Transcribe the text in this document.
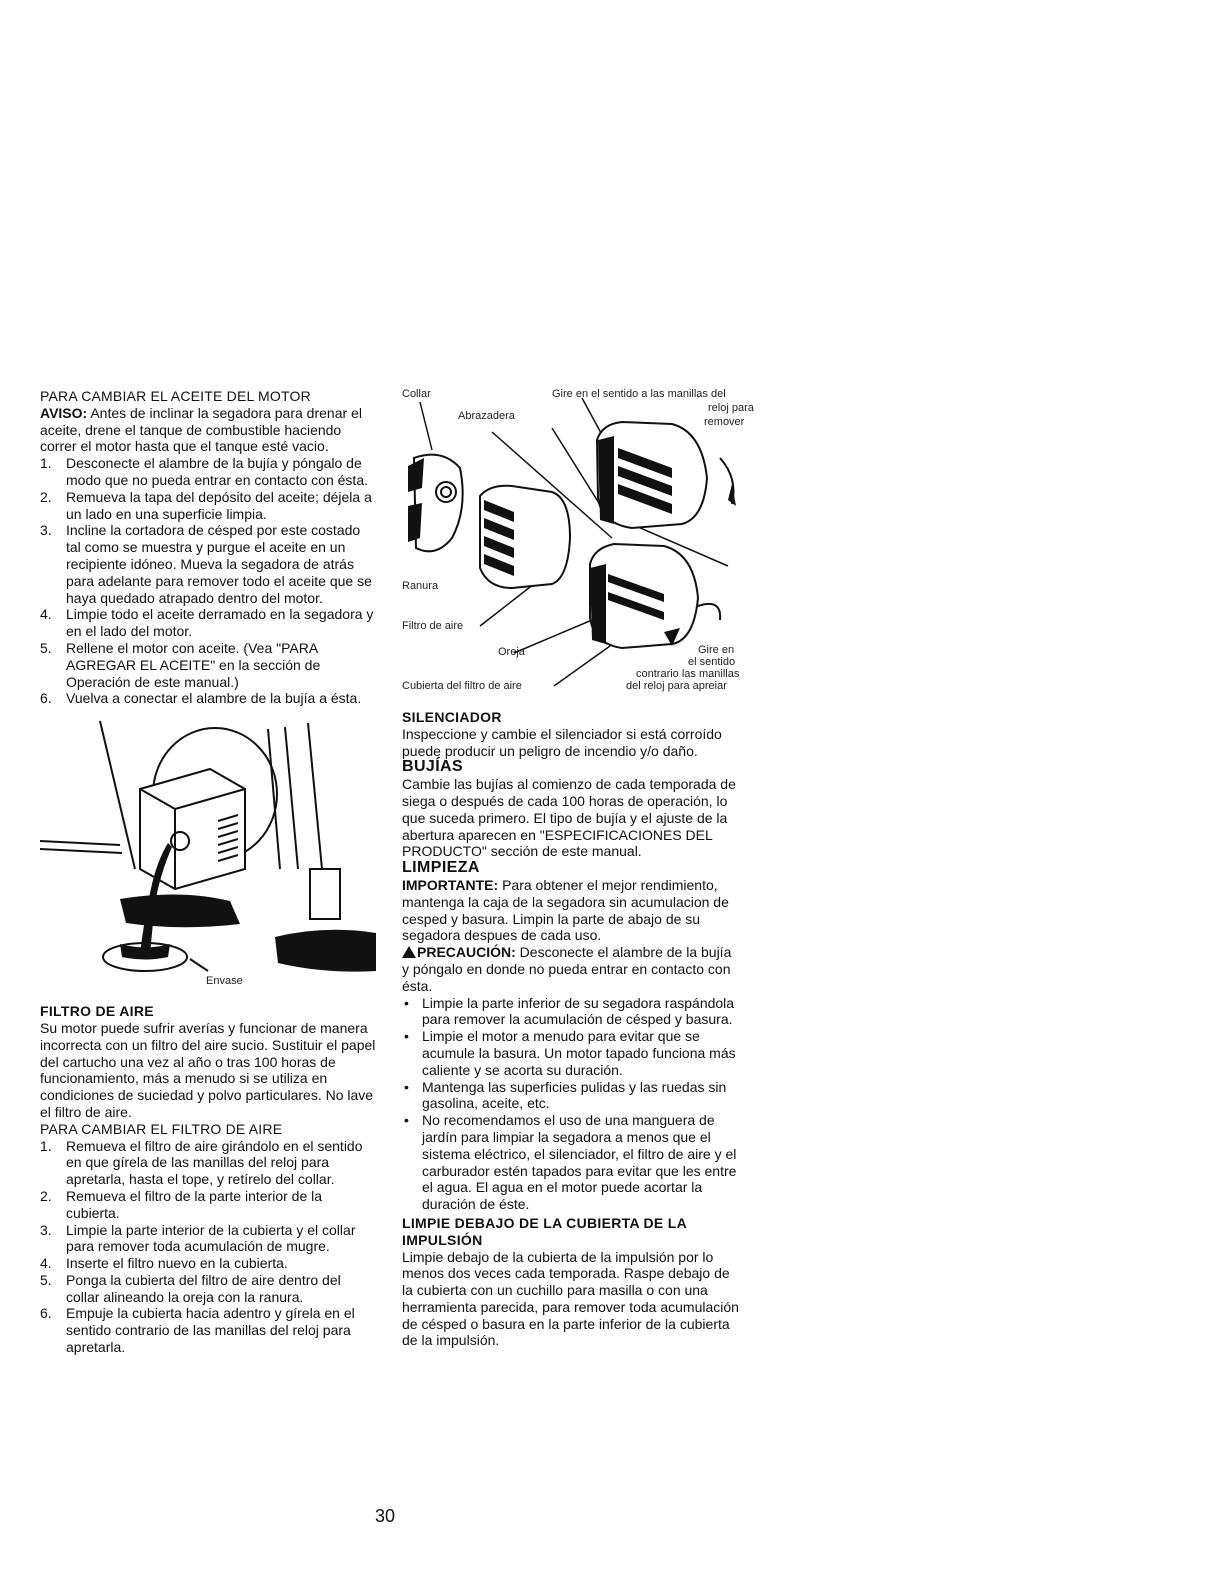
PARA CAMBIAR EL ACEITE DEL MOTOR

AVISO: Antes de inclinar la segadora para drenar el aceite, drene el tanque de combustible haciendo correr el motor hasta que el tanque esté vacio.

1.	Desconecte el alambre de la bujía y póngalo de modo que no pueda entrar en contacto con ésta.
2.	Remueva la tapa del depósito del aceite; déjela a un lado en una superficie limpia.
3.	Incline la cortadora de césped por este costado tal como se muestra y purgue el aceite en un recipiente idóneo. Mueva la segadora de atrás para adelante para remover todo el aceite que se haya quedado atrapado dentro del motor.
4.	Limpie todo el aceite derramado en la segadora y en el lado del motor.
5.	Rellene el motor con aceite. (Vea "PARA AGREGAR EL ACEITE" en la sección de Operación de este manual.)
6.	Vuelva a conectar el alambre de la bujía a ésta.
Envase

FILTRO DE AIRE

Su motor puede sufrir averías y funcionar de manera incorrecta con un filtro del aire sucio. Sustituir el papel del cartucho una vez al año o tras 100 horas de funcionamiento, más a menudo si se utiliza en condiciones de suciedad y polvo particulares. No lave el filtro de aire.

PARA CAMBIAR EL FILTRO DE AIRE

1.	Remueva el filtro de aire girándolo en el sentido en que gírela de las manillas del reloj para apretarla, hasta el tope, y retírelo del collar.
2.	Remueva el filtro de la parte interior de la cubierta.
3.	Limpie la parte interior de la cubierta y el collar para remover toda acumulación de mugre.
4.	Inserte el filtro nuevo en la cubierta.
5.	Ponga la cubierta del filtro de aire dentro del collar alineando la oreja con la ranura.
6.	Empuje la cubierta hacia adentro y gírela en el sentido contrario de las manillas del reloj para apretarla.
Collar	Gire en el sentido a las manillas del
reloj para
remover
Abrazadera
Ranura
Filtro de aire
Oreja	Gire en
el sentido
contrario las manillas
del reloj para apreiar
Cubierta del filtro de aire

SILENCIADOR

Inspeccione y cambie el silenciador si está corroído puede producir un peligro de incendio y/o daño.

BUJÍAS

Cambie las bujías al comienzo de cada temporada de siega o después de cada 100 horas de operación, lo que suceda primero. El tipo de bujía y el ajuste de la abertura aparecen en "ESPECIFICACIONES DEL PRODUCTO" sección de este manual.

LIMPIEZA

IMPORTANTE: Para obtener el mejor rendimiento, mantenga la caja de la segadora sin acumulacion de cesped y basura. Limpin la parte de abajo de su segadora despues de cada uso.

PRECAUCIÓN: Desconecte el alambre de la bujía y póngalo en donde no pueda entrar en contacto con ésta.

• Limpie la parte inferior de su segadora raspándola para remover la acumulación de césped y basura.
• Limpie el motor a menudo para evitar que se acumule la basura. Un motor tapado funciona más caliente y se acorta su duración.
• Mantenga las superficies pulidas y las ruedas sin gasolina, aceite, etc.
• No recomendamos el uso de una manguera de jardín para limpiar la segadora a menos que el sistema eléctrico, el silenciador, el filtro de aire y el carburador estén tapados para evitar que les entre el agua. El agua en el motor puede acortar la duración de éste.

LIMPIE DEBAJO DE LA CUBIERTA DE LA IMPULSIÓN

Limpie debajo de la cubierta de la impulsión por lo menos dos veces cada temporada. Raspe debajo de la cubierta con un cuchillo para masilla o con una herramienta parecida, para remover toda acumulación de césped o basura en la parte inferior de la cubierta de la impulsión.

30
